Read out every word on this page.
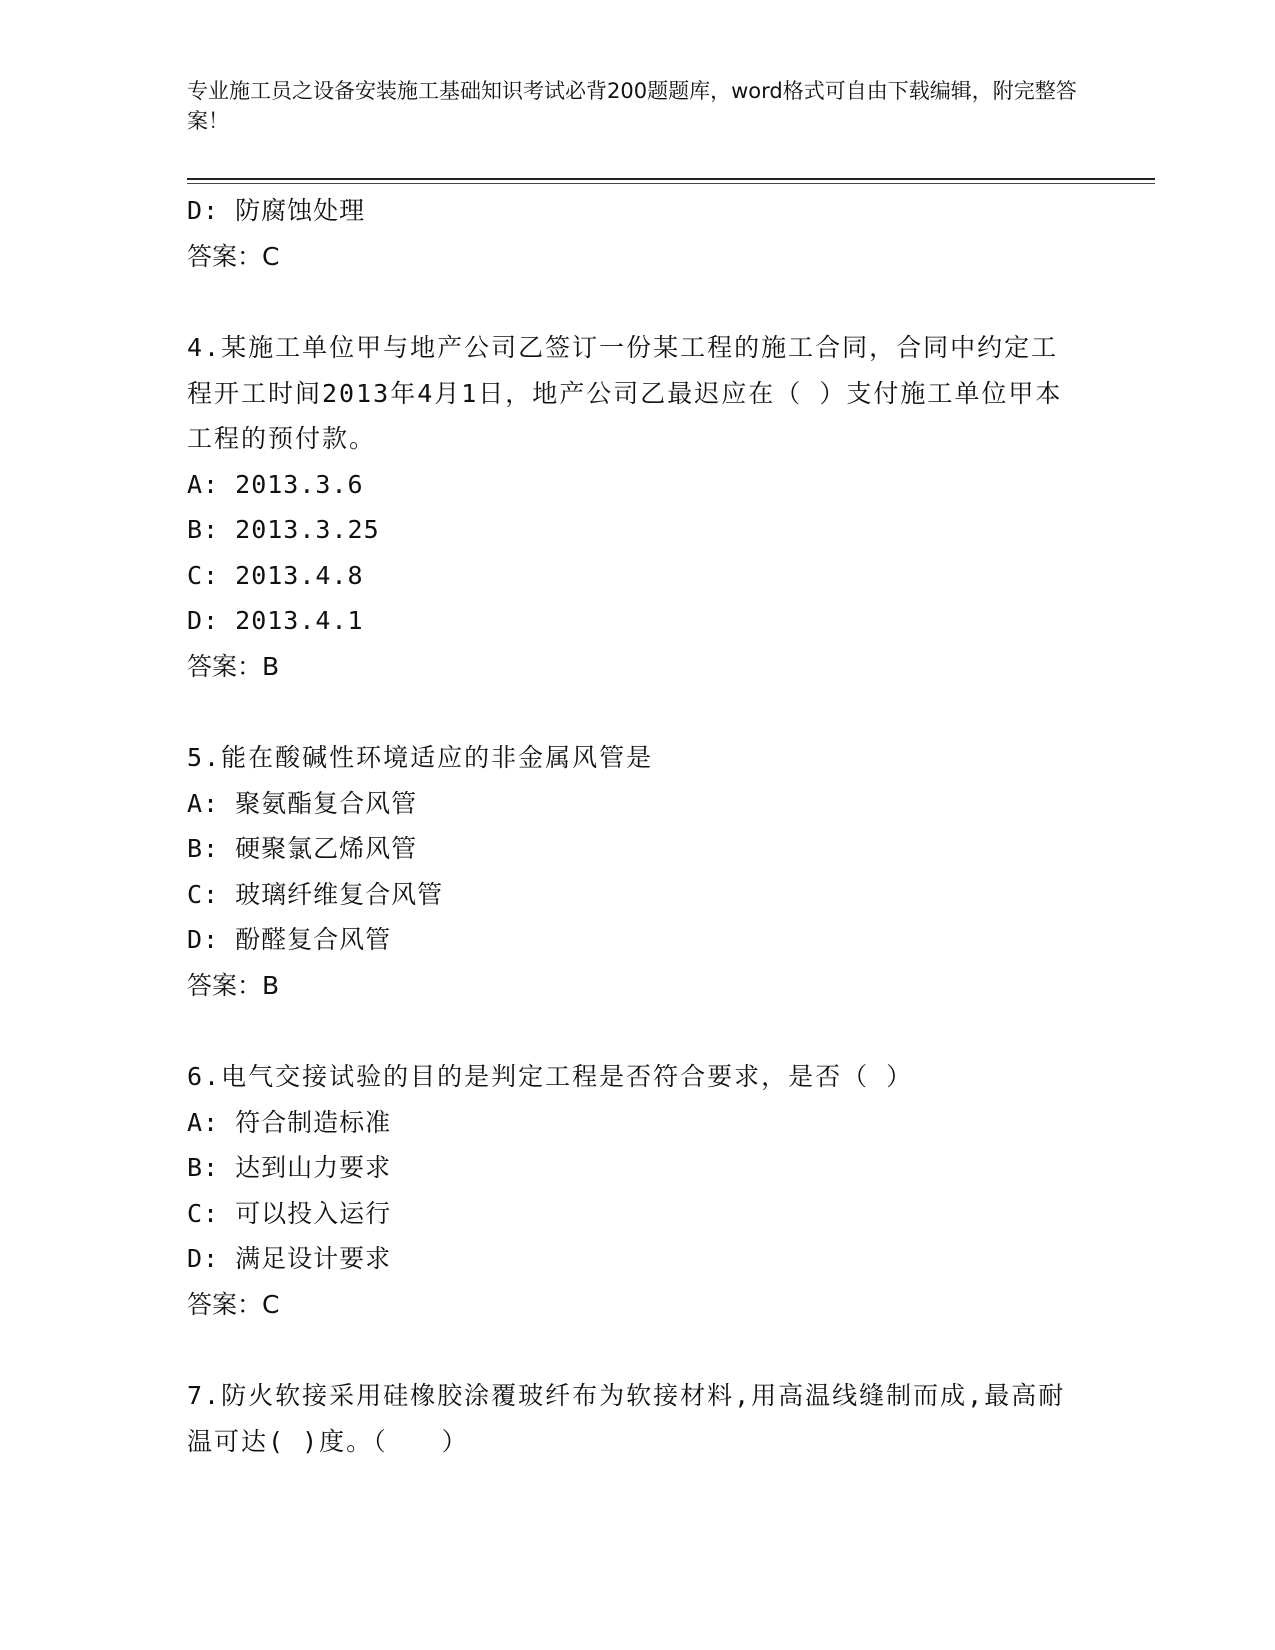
专业施工员之设备安装施工基础知识考试必背200题题库，word格式可自由下载编辑，附完整答案！

D: 防腐蚀处理

答案：C

4.某施工单位甲与地产公司乙签订一份某工程的施工合同，合同中约定工程开工时间2013年4月1日，地产公司乙最迟应在（ ）支付施工单位甲本工程的预付款。

A: 2013.3.6

B: 2013.3.25

C: 2013.4.8

D: 2013.4.1

答案：B

5.能在酸碱性环境适应的非金属风管是

A: 聚氨酯复合风管

B: 硬聚氯乙烯风管

C: 玻璃纤维复合风管

D: 酚醛复合风管

答案：B

6.电气交接试验的目的是判定工程是否符合要求，是否（ ）

A: 符合制造标准

B: 达到山力要求

C: 可以投入运行

D: 满足设计要求

答案：C

7.防火软接采用硅橡胶涂覆玻纤布为软接材料,用高温线缝制而成,最高耐温可达( )度。（　　）
